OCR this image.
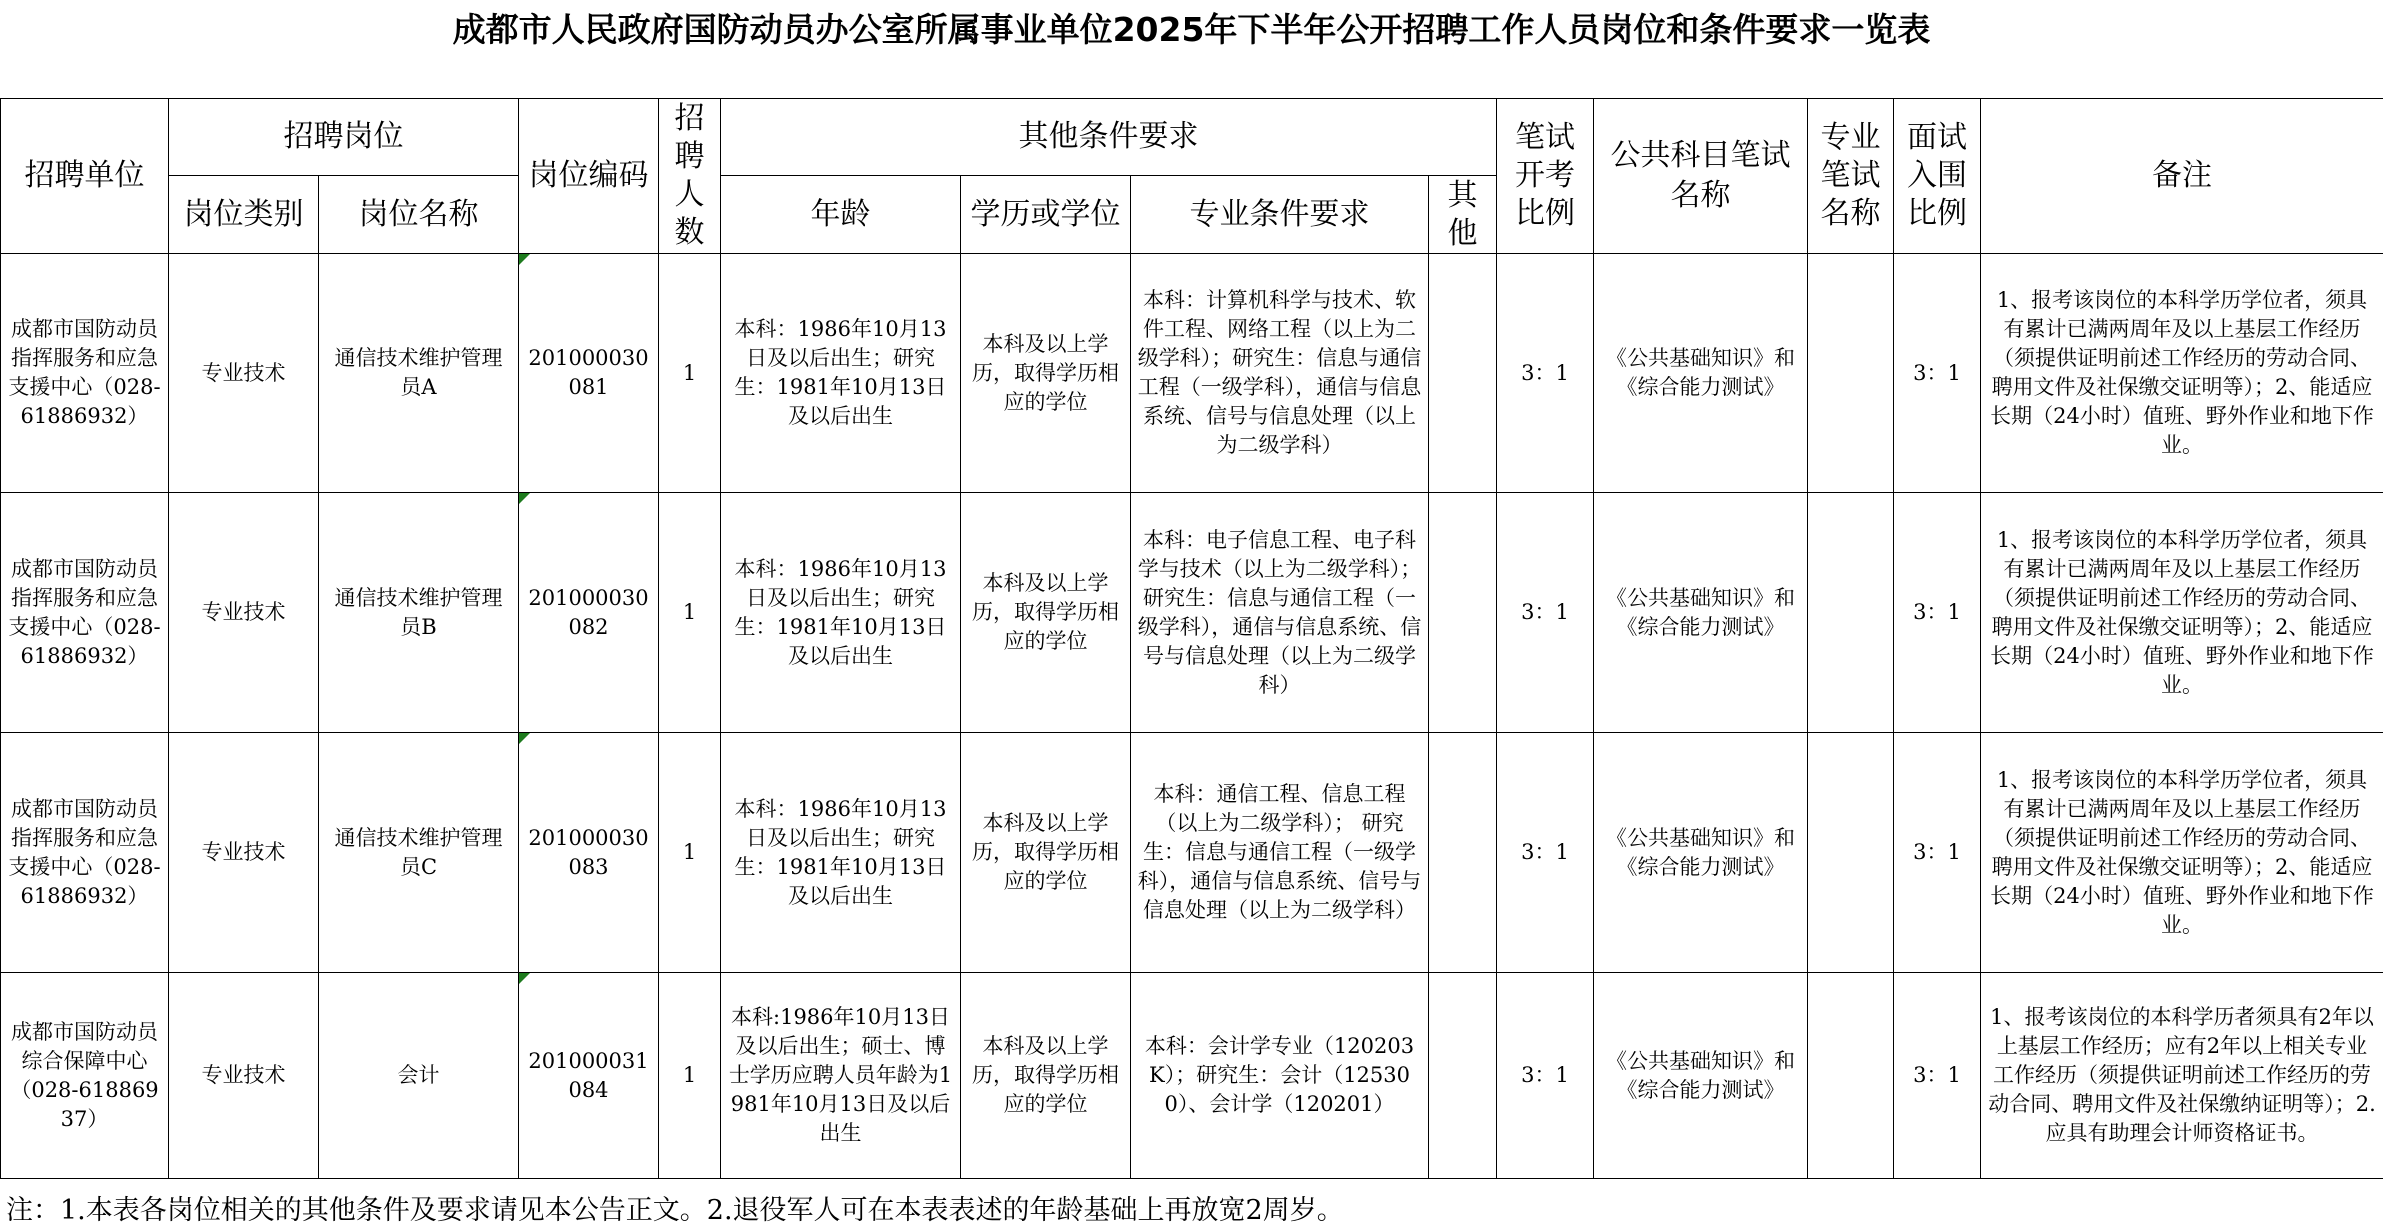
成都市人民政府国防动员办公室所属事业单位2025年下半年公开招聘工作人员岗位和条件要求一览表
招聘单位	招聘岗位		岗位编码	招聘人数	其他条件要求				笔试开考比例	公共科目笔试名称	专业笔试名称	面试入围比例	备注
	岗位类别	岗位名称			年龄	学历或学位	专业条件要求	其他					

成都市国防动员指挥服务和应急支援中心（028-61886932）	专业技术	通信技术维护管理员A	201000030081	1	本科：1986年10月13日及以后出生；研究生：1981年10月13日及以后出生	本科及以上学历，取得学历相应的学位	本科：计算机科学与技术、软件工程、网络工程（以上为二级学科）；研究生：信息与通信工程（一级学科），通信与信息系统、信号与信息处理（以上为二级学科）		3：1	《公共基础知识》和《综合能力测试》		3：1	1、报考该岗位的本科学历学位者，须具有累计已满两周年及以上基层工作经历（须提供证明前述工作经历的劳动合同、聘用文件及社保缴交证明等）；2、能适应长期（24小时）值班、野外作业和地下作业。
成都市国防动员指挥服务和应急支援中心（028-61886932）	专业技术	通信技术维护管理员B	201000030082	1	本科：1986年10月13日及以后出生；研究生：1981年10月13日及以后出生	本科及以上学历，取得学历相应的学位	本科：电子信息工程、电子科学与技术（以上为二级学科）； 研究生：信息与通信工程（一级学科），通信与信息系统、信号与信息处理（以上为二级学科）		3：1	《公共基础知识》和《综合能力测试》		3：1	1、报考该岗位的本科学历学位者，须具有累计已满两周年及以上基层工作经历（须提供证明前述工作经历的劳动合同、聘用文件及社保缴交证明等）；2、能适应长期（24小时）值班、野外作业和地下作业。
成都市国防动员指挥服务和应急支援中心（028-61886932）	专业技术	通信技术维护管理员C	201000030083	1	本科：1986年10月13日及以后出生；研究生：1981年10月13日及以后出生	本科及以上学历，取得学历相应的学位	本科：通信工程、信息工程（以上为二级学科）； 研究生：信息与通信工程（一级学科），通信与信息系统、信号与信息处理（以上为二级学科）		3：1	《公共基础知识》和《综合能力测试》		3：1	1、报考该岗位的本科学历学位者，须具有累计已满两周年及以上基层工作经历（须提供证明前述工作经历的劳动合同、聘用文件及社保缴交证明等）；2、能适应长期（24小时）值班、野外作业和地下作业。
成都市国防动员综合保障中心（028-61886937）	专业技术	会计	201000031084	1	本科:1986年10月13日及以后出生；硕士、博士学历应聘人员年龄为1981年10月13日及以后出生	本科及以上学历，取得学历相应的学位	本科：会计学专业（120203K）；研究生：会计（125300）、会计学（120201）		3：1	《公共基础知识》和《综合能力测试》		3：1	1、报考该岗位的本科学历者须具有2年以上基层工作经历；应有2年以上相关专业工作经历（须提供证明前述工作经历的劳动合同、聘用文件及社保缴纳证明等）；2.应具有助理会计师资格证书。
注：1.本表各岗位相关的其他条件及要求请见本公告正文。2.退役军人可在本表表述的年龄基础上再放宽2周岁。
